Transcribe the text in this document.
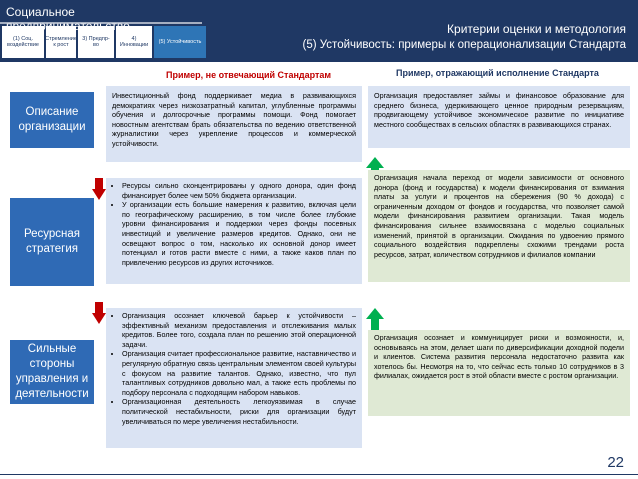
Социальное
(1) Соц. воздействие
Стремление к рост
3) Предпр-во
4) Инновации
(5) Устойчивость
Критерии оценки и методология
(5) Устойчивость: примеры к операционализации Стандарта
Пример, не отвечающий Стандартам	Пример, отражающий исполнение Стандарта
Описание организации
Инвестиционный фонд поддерживает медиа в развивающихся демократиях через низкозатратный капитал, углубленные программы обучения и долгосрочные программы помощи. Фонд помогает новостным агентствам брать обязательства по ведению ответственной журналистики через укрепление процессов и коммерческой устойчивости.
Организация предоставляет займы и финансовое образование для среднего бизнеса, удерживающего ценное природным резервациям, продвигающему устойчивое экономическое развитие по инициативе местного сообществах в сельских областях в развивающихся странах.
Ресурсная стратегия
• Ресурсы сильно сконцентрированы у одного донора, один фонд финансирует более чем 50% бюджета организации.
• У организации есть большие намерения к развитию, включая цели по географическому расширению, в том числе более глубокие уровни финансирования и поддержки через фонды посевных инвестиций и увеличение размеров кредитов. Однако, они не освещают вопрос о том, насколько их основной донор имеет потенциал и готов расти вместе с ними, а также каков план по привлечению ресурсов из других источников.
Организация начала переход от модели зависимости от основного донора (фонд и государства) к модели финансирования от взимания платы за услуги и процентов на сбережения (90 % дохода) с ограниченным доходом от фондов и государства, что позволяет самой модели финансирования развитием организации. Такая модель финансирования сильнее взаимосвязана с моделью социальных изменений, принятой в организации. Ожидания по удвоению прямого социального воздействия подкреплены схожими трендами роста ресурсов, затрат, количеством сотрудников и филиалов компании
Сильные стороны управления и деятельности
• Организация осознает ключевой барьер к устойчивости – эффективный механизм предоставления и отслеживания малых кредитов. Более того, создала план по решению этой операционной задачи.
• Организация считает профессиональное развитие, наставничество и регулярную обратную связь центральным элементом своей культуры с фокусом на развитие талантов. Однако, известно, что пул талантливых сотрудников довольно мал, а также есть проблемы по подбору персонала с подходящим набором навыков.
• Организационная деятельность легкоуязвимая в случае политической нестабильности, риски для организации будут увеличиваться по мере увеличения нестабильности.
Организация осознает и коммуницирует риски и возможности, и, основываясь на этом, делает шаги по диверсификации доходной подели и клиентов. Система развития персонала недостаточно развита как хотелось бы. Несмотря на то, что сейчас есть только 10 сотрудников в 3 филиалах, ожидается рост в этой области вместе с ростом организации.
22
